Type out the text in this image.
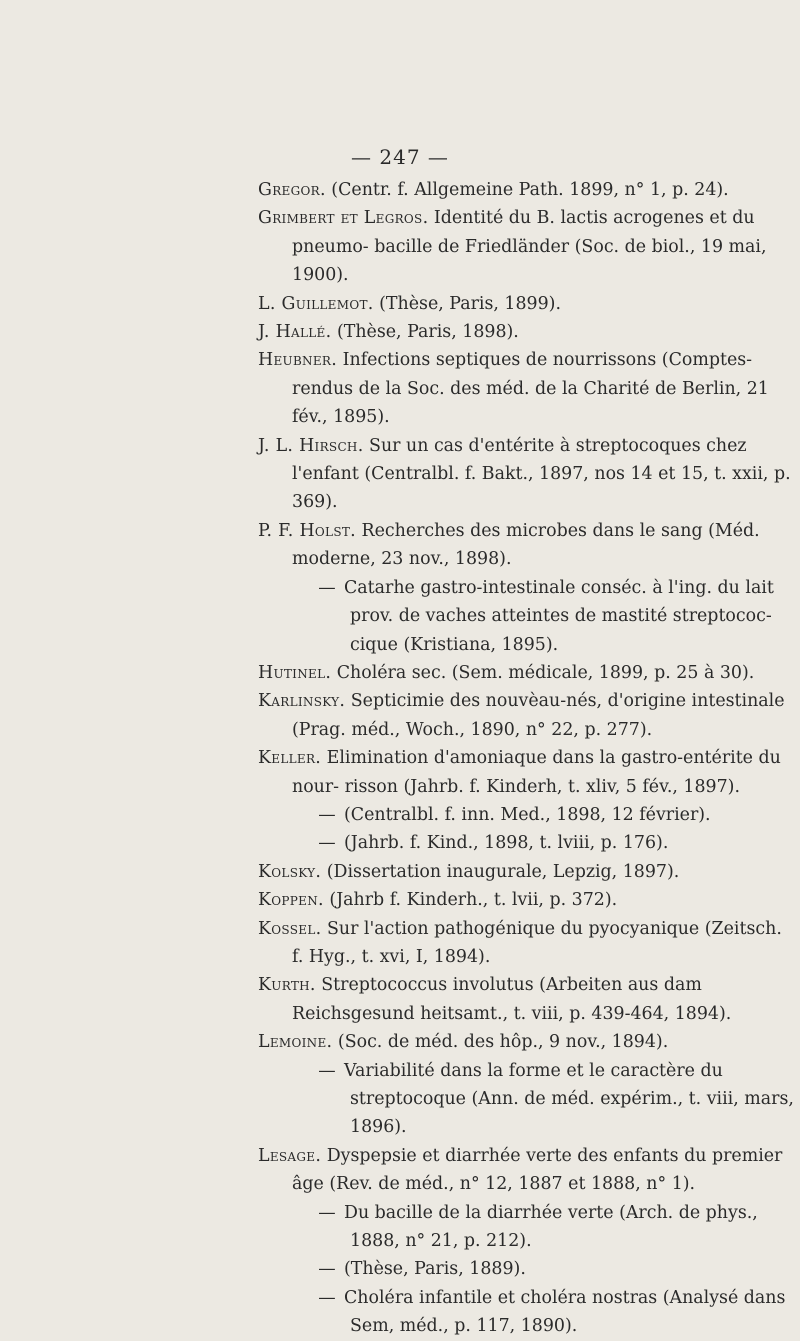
— 247 —

Gregor. (Centr. f. Allgemeine Path. 1899, n° 1, p. 24).

Grimbert et Legros. Identité du B. lactis acrogenes et du pneumo- bacille de Friedländer (Soc. de biol., 19 mai, 1900).

L. Guillemot. (Thèse, Paris, 1899).

J. Hallé. (Thèse, Paris, 1898).

Heubner. Infections septiques de nourrissons (Comptes-rendus de la Soc. des méd. de la Charité de Berlin, 21 fév., 1895).

J. L. Hirsch. Sur un cas d'entérite à streptocoques chez l'enfant (Centralbl. f. Bakt., 1897, nos 14 et 15, t. xxii, p. 369).

P. F. Holst. Recherches des microbes dans le sang (Méd. moderne, 23 nov., 1898).

— Catarhe gastro-intestinale conséc. à l'ing. du lait prov. de vaches atteintes de mastité streptococ- cique (Kristiana, 1895).

Hutinel. Choléra sec. (Sem. médicale, 1899, p. 25 à 30).

Karlinsky. Septicimie des nouvèau-nés, d'origine intestinale (Prag. méd., Woch., 1890, n° 22, p. 277).

Keller. Elimination d'amoniaque dans la gastro-entérite du nour- risson (Jahrb. f. Kinderh, t. xliv, 5 fév., 1897).

— (Centralbl. f. inn. Med., 1898, 12 février).

— (Jahrb. f. Kind., 1898, t. lviii, p. 176).

Kolsky. (Dissertation inaugurale, Lepzig, 1897).

Koppen. (Jahrb f. Kinderh., t. lvii, p. 372).

Kossel. Sur l'action pathogénique du pyocyanique (Zeitsch. f. Hyg., t. xvi, I, 1894).

Kurth. Streptococcus involutus (Arbeiten aus dam Reichsgesund heitsamt., t. viii, p. 439-464, 1894).

Lemoine. (Soc. de méd. des hôp., 9 nov., 1894).

— Variabilité dans la forme et le caractère du streptocoque (Ann. de méd. expérim., t. viii, mars, 1896).

Lesage. Dyspepsie et diarrhée verte des enfants du premier âge (Rev. de méd., n° 12, 1887 et 1888, n° 1).

— Du bacille de la diarrhée verte (Arch. de phys., 1888, n° 21, p. 212).

— (Thèse, Paris, 1889).

— Choléra infantile et choléra nostras (Analysé dans Sem, méd., p. 117, 1890).
